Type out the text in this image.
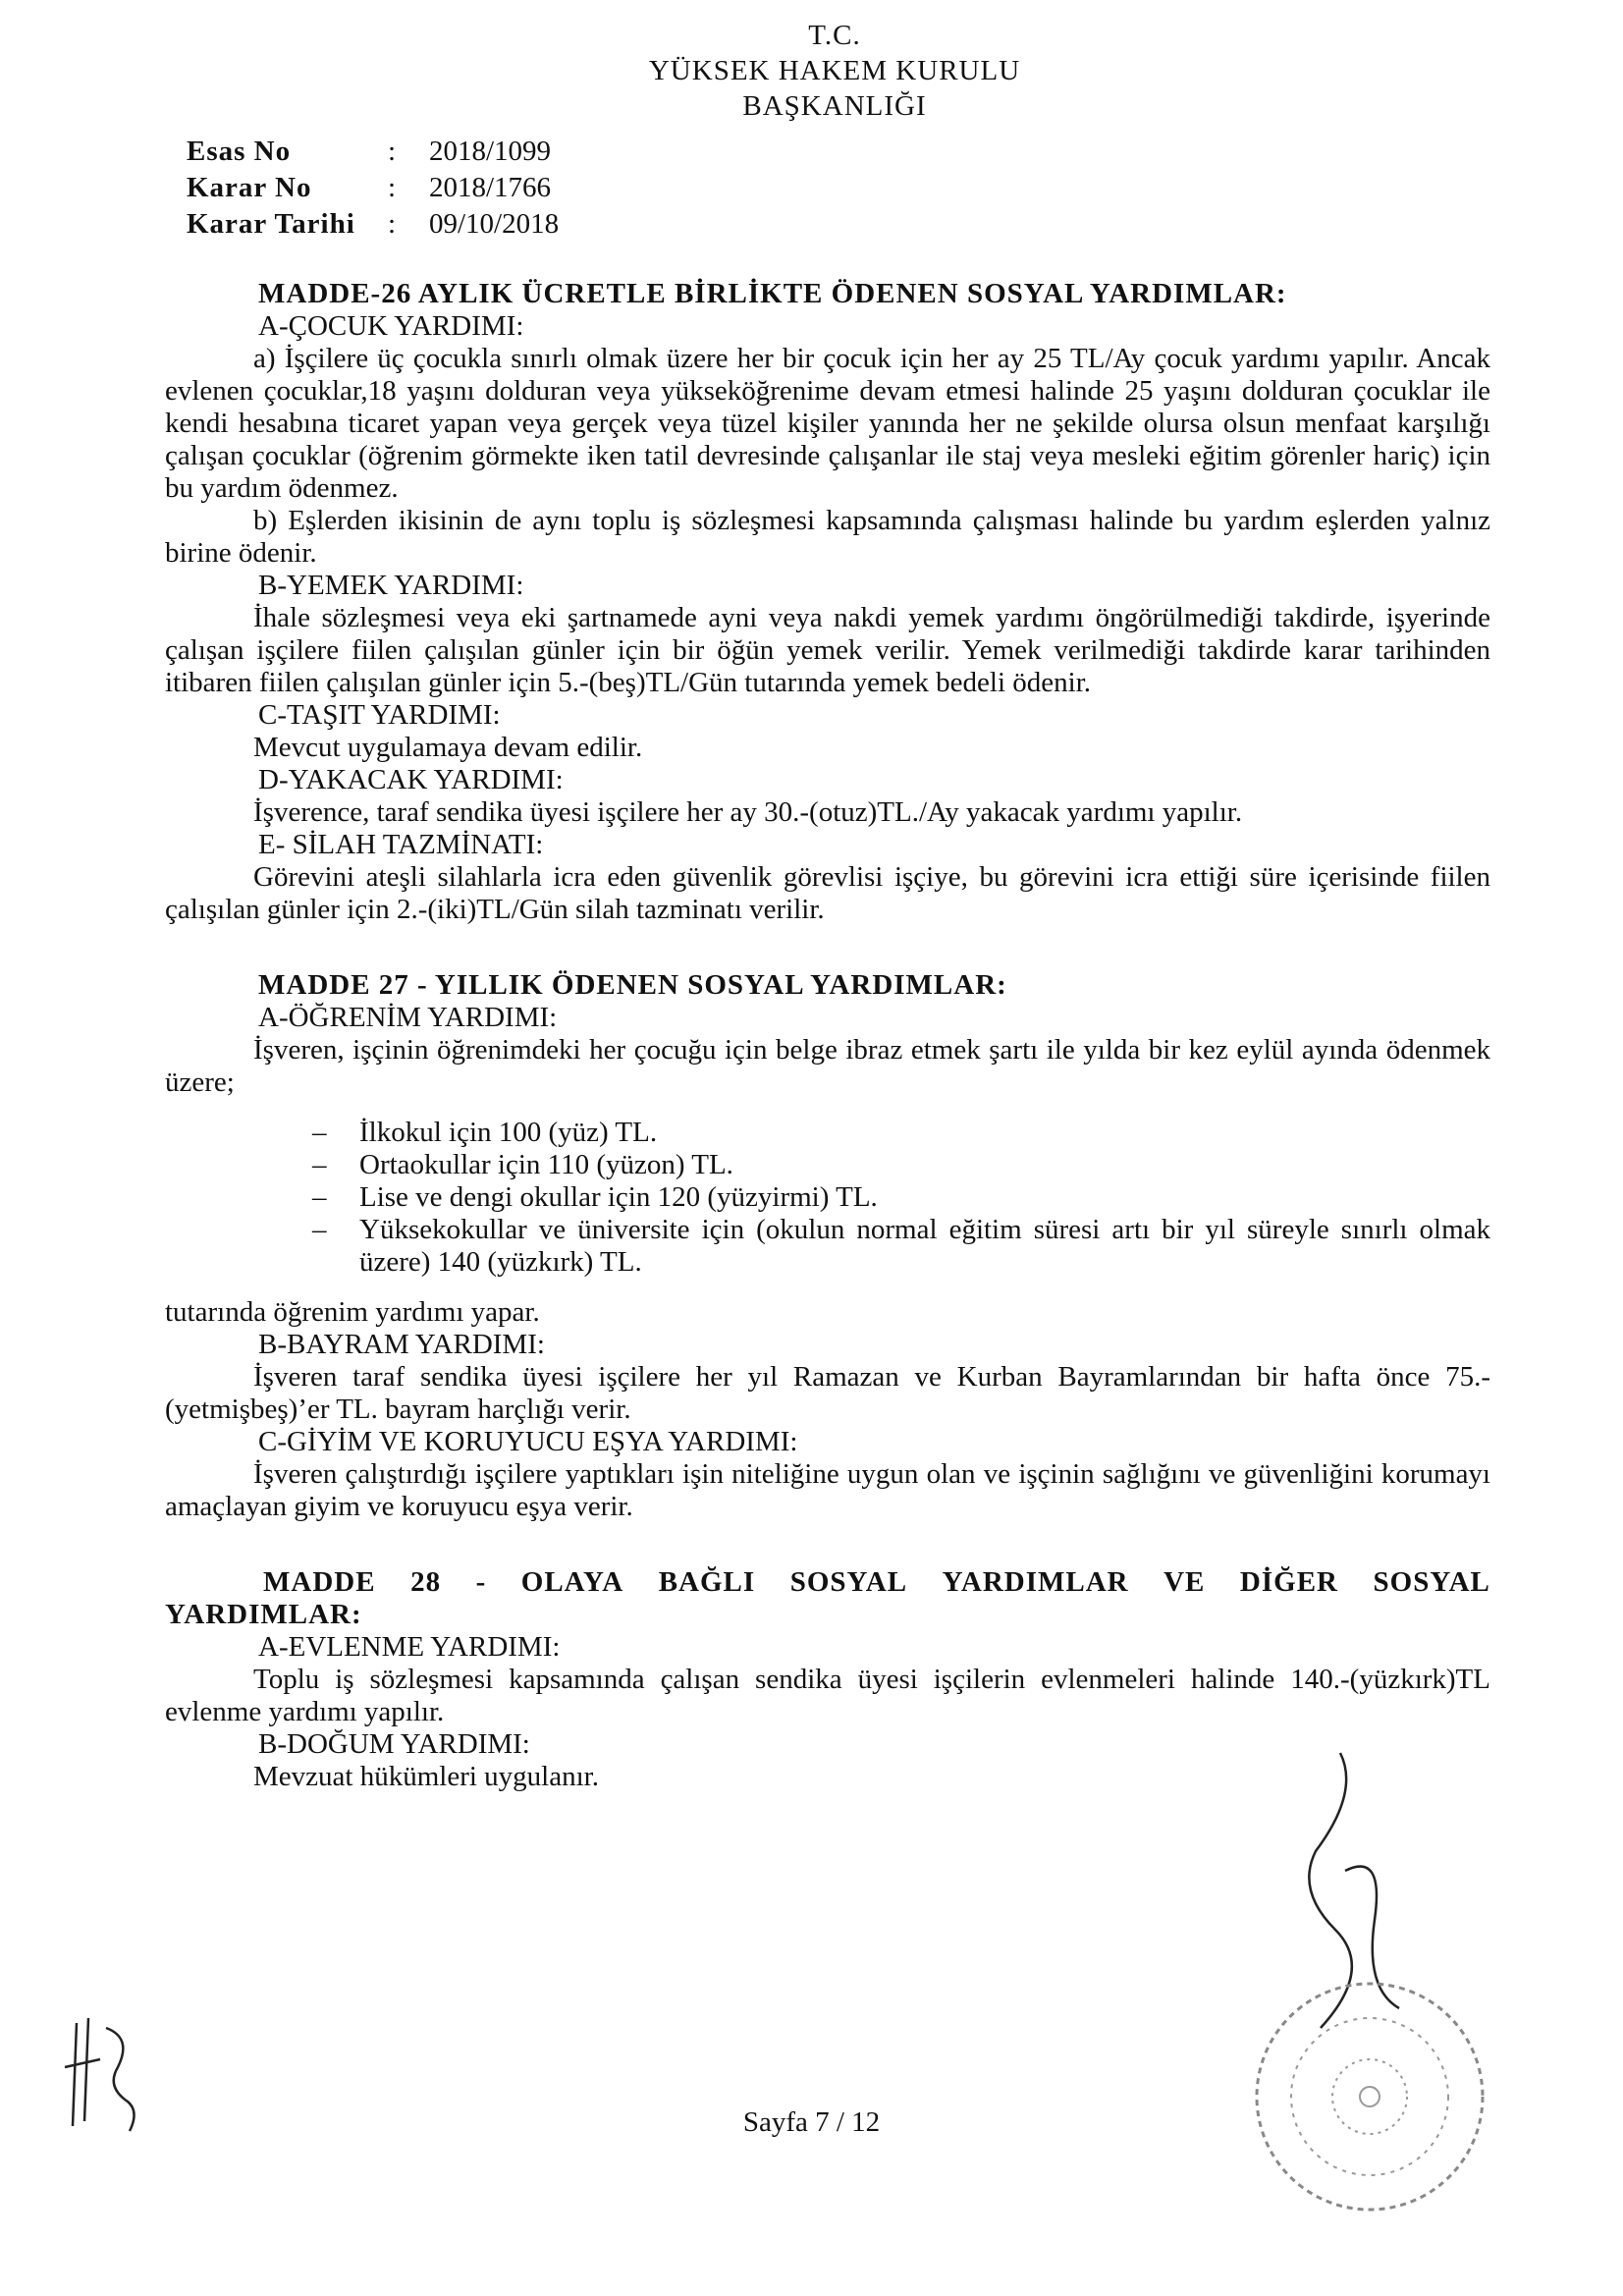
T.C.
YÜKSEK HAKEM KURULU
BAŞKANLIĞI
Esas No	:	2018/1099
Karar No	:	2018/1766
Karar Tarihi	:	09/10/2018

MADDE-26 AYLIK ÜCRETLE BİRLİKTE ÖDENEN SOSYAL YARDIMLAR:

A-ÇOCUK YARDIMI:

a) İşçilere üç çocukla sınırlı olmak üzere her bir çocuk için her ay 25 TL/Ay çocuk yardımı yapılır. Ancak evlenen çocuklar,18 yaşını dolduran veya yükseköğrenime devam etmesi halinde 25 yaşını dolduran çocuklar ile kendi hesabına ticaret yapan veya gerçek veya tüzel kişiler yanında her ne şekilde olursa olsun menfaat karşılığı çalışan çocuklar (öğrenim görmekte iken tatil devresinde çalışanlar ile staj veya mesleki eğitim görenler hariç) için bu yardım ödenmez.

b) Eşlerden ikisinin de aynı toplu iş sözleşmesi kapsamında çalışması halinde bu yardım eşlerden yalnız birine ödenir.

B-YEMEK YARDIMI:

İhale sözleşmesi veya eki şartnamede ayni veya nakdi yemek yardımı öngörülmediği takdirde, işyerinde çalışan işçilere fiilen çalışılan günler için bir öğün yemek verilir. Yemek verilmediği takdirde karar tarihinden itibaren fiilen çalışılan günler için 5.-(beş)TL/Gün tutarında yemek bedeli ödenir.

C-TAŞIT YARDIMI:

Mevcut uygulamaya devam edilir.

D-YAKACAK YARDIMI:

İşverence, taraf sendika üyesi işçilere her ay 30.-(otuz)TL./Ay yakacak yardımı yapılır.

E- SİLAH TAZMİNATI:

Görevini ateşli silahlarla icra eden güvenlik görevlisi işçiye, bu görevini icra ettiği süre içerisinde fiilen çalışılan günler için 2.-(iki)TL/Gün silah tazminatı verilir.

MADDE 27 - YILLIK ÖDENEN SOSYAL YARDIMLAR:

A-ÖĞRENİM YARDIMI:

İşveren, işçinin öğrenimdeki her çocuğu için belge ibraz etmek şartı ile yılda bir kez eylül ayında ödenmek üzere;

–	İlkokul için 100 (yüz) TL.
–	Ortaokullar için 110 (yüzon) TL.
–	Lise ve dengi okullar için 120 (yüzyirmi) TL.
–	Yüksekokullar ve üniversite için (okulun normal eğitim süresi artı bir yıl süreyle sınırlı olmak üzere) 140 (yüzkırk) TL.

tutarında öğrenim yardımı yapar.

B-BAYRAM YARDIMI:

İşveren taraf sendika üyesi işçilere her yıl Ramazan ve Kurban Bayramlarından bir hafta önce 75.-(yetmişbeş)’er TL. bayram harçlığı verir.

C-GİYİM VE KORUYUCU EŞYA YARDIMI:

İşveren çalıştırdığı işçilere yaptıkları işin niteliğine uygun olan ve işçinin sağlığını ve güvenliğini korumayı amaçlayan giyim ve koruyucu eşya verir.

MADDE 28 - OLAYA BAĞLI SOSYAL YARDIMLAR VE DİĞER SOSYAL

YARDIMLAR:

A-EVLENME YARDIMI:

Toplu iş sözleşmesi kapsamında çalışan sendika üyesi işçilerin evlenmeleri halinde 140.-(yüzkırk)TL evlenme yardımı yapılır.

B-DOĞUM YARDIMI:

Mevzuat hükümleri uygulanır.

Sayfa 7 / 12
